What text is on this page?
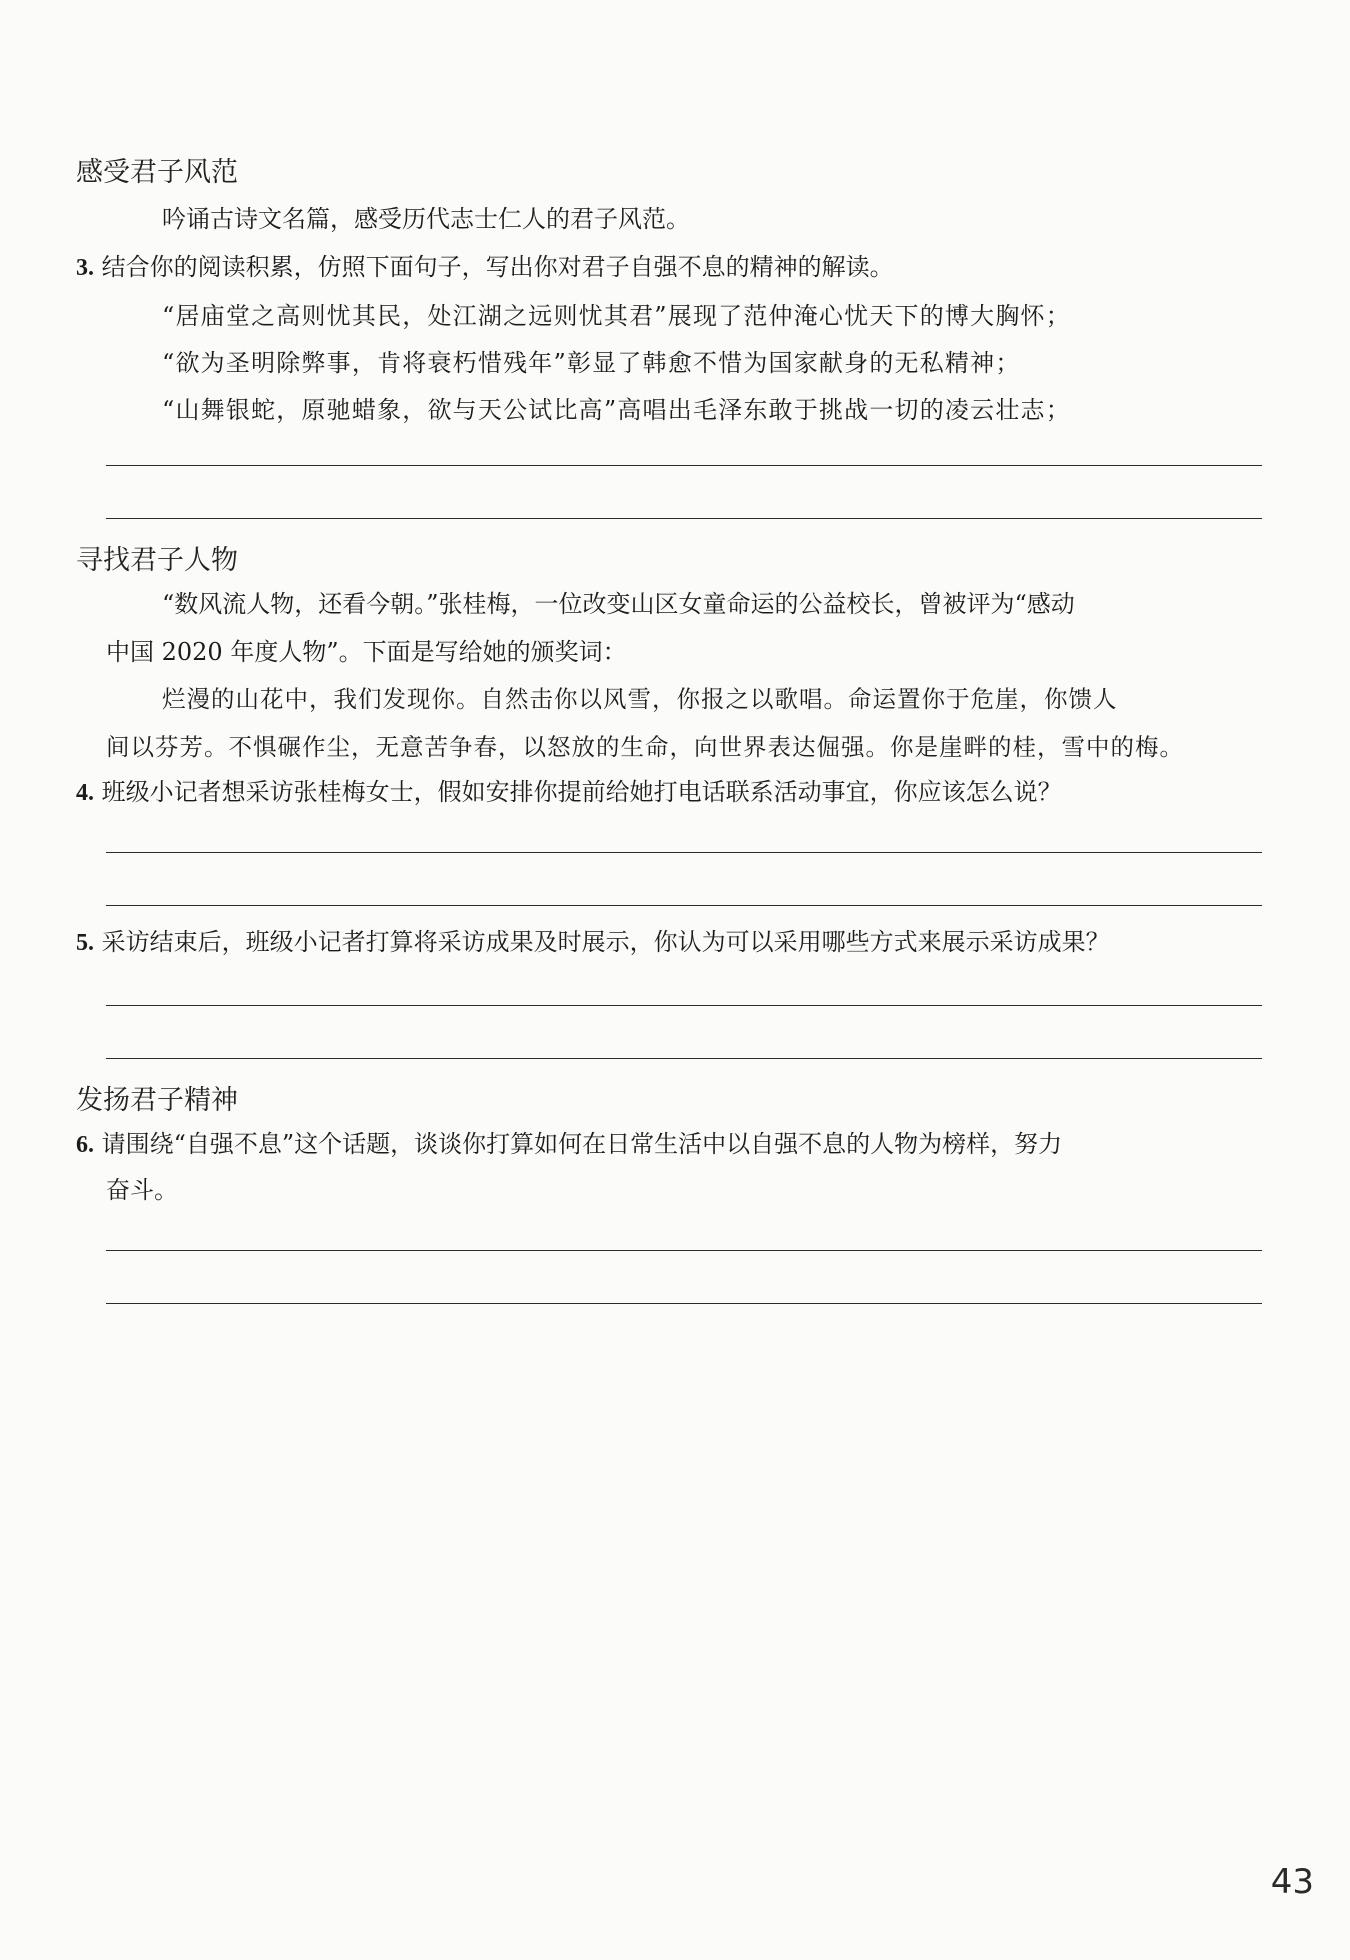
感受君子风范

吟诵古诗文名篇，感受历代志士仁人的君子风范。

3. 结合你的阅读积累，仿照下面句子，写出你对君子自强不息的精神的解读。

“居庙堂之高则忧其民，处江湖之远则忧其君”展现了范仲淹心忧天下的博大胸怀；

“欲为圣明除弊事，肯将衰朽惜残年”彰显了韩愈不惜为国家献身的无私精神；

“山舞银蛇，原驰蜡象，欲与天公试比高”高唱出毛泽东敢于挑战一切的凌云壮志；

寻找君子人物

“数风流人物，还看今朝。”张桂梅，一位改变山区女童命运的公益校长，曾被评为“感动

中国 2020 年度人物”。下面是写给她的颁奖词：

烂漫的山花中，我们发现你。自然击你以风雪，你报之以歌唱。命运置你于危崖，你馈人

间以芬芳。不惧碾作尘，无意苦争春，以怒放的生命，向世界表达倔强。你是崖畔的桂，雪中的梅。

4. 班级小记者想采访张桂梅女士，假如安排你提前给她打电话联系活动事宜，你应该怎么说？

5. 采访结束后，班级小记者打算将采访成果及时展示，你认为可以采用哪些方式来展示采访成果？

发扬君子精神

6. 请围绕“自强不息”这个话题，谈谈你打算如何在日常生活中以自强不息的人物为榜样，努力

奋斗。

43
